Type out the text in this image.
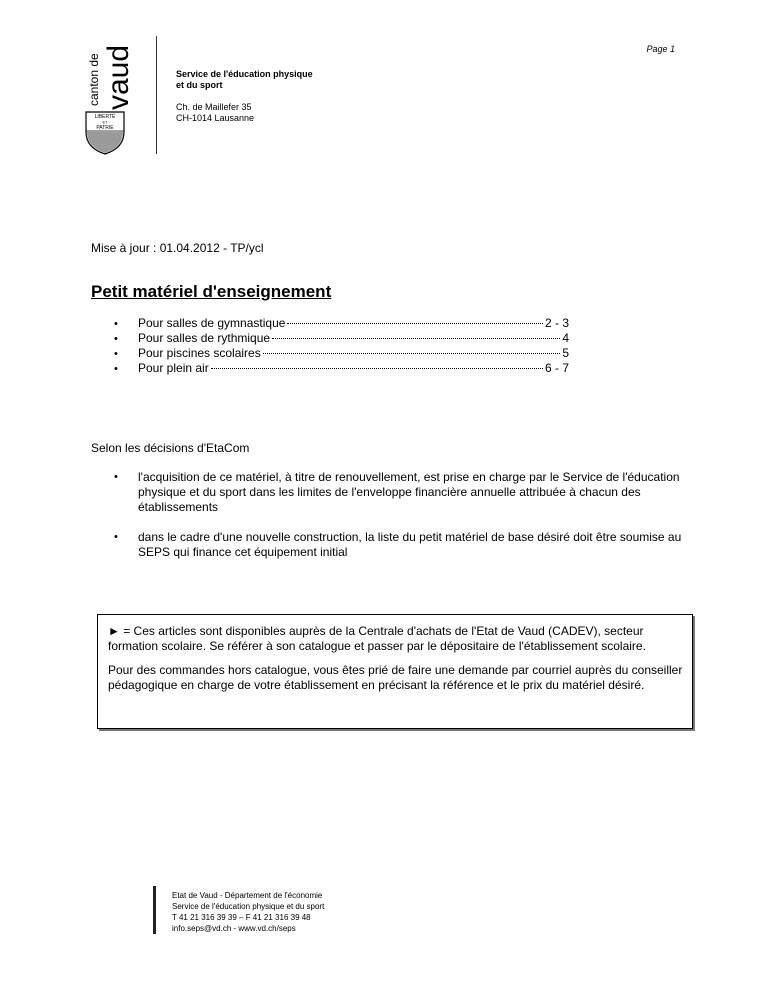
Page 1
canton de vaud
LIBERTÉ
ET
PATRIE
Service de l'éducation physique
et du sport
Ch. de Maillefer 35
CH-1014 Lausanne
Mise à jour : 01.04.2012 - TP/ycl
Petit matériel d'enseignement
•	Pour salles de gymnastique	2 - 3
•	Pour salles de rythmique	4
•	Pour piscines scolaires	5
•	Pour plein air	6 - 7
Selon les décisions d'EtaCom
•	l'acquisition de ce matériel, à titre de renouvellement, est prise en charge par le Service de l'éducation physique et du sport dans les limites de l'enveloppe financière annuelle attribuée à chacun des établissements
•	dans le cadre d'une nouvelle construction, la liste du petit matériel de base désiré doit être soumise au SEPS qui finance cet équipement initial

► = Ces articles sont disponibles auprès de la Centrale d'achats de l'Etat de Vaud (CADEV), secteur formation scolaire. Se référer à son catalogue et passer par le dépositaire de l'établissement scolaire.

Pour des commandes hors catalogue, vous êtes prié de faire une demande par courriel auprès du conseiller pédagogique en charge de votre établissement en précisant la référence et le prix du matériel désiré.

Etat de Vaud - Département de l'économie
Service de l'éducation physique et du sport
T 41 21 316 39 39 – F 41 21 316 39 48
info.seps@vd.ch - www.vd.ch/seps
